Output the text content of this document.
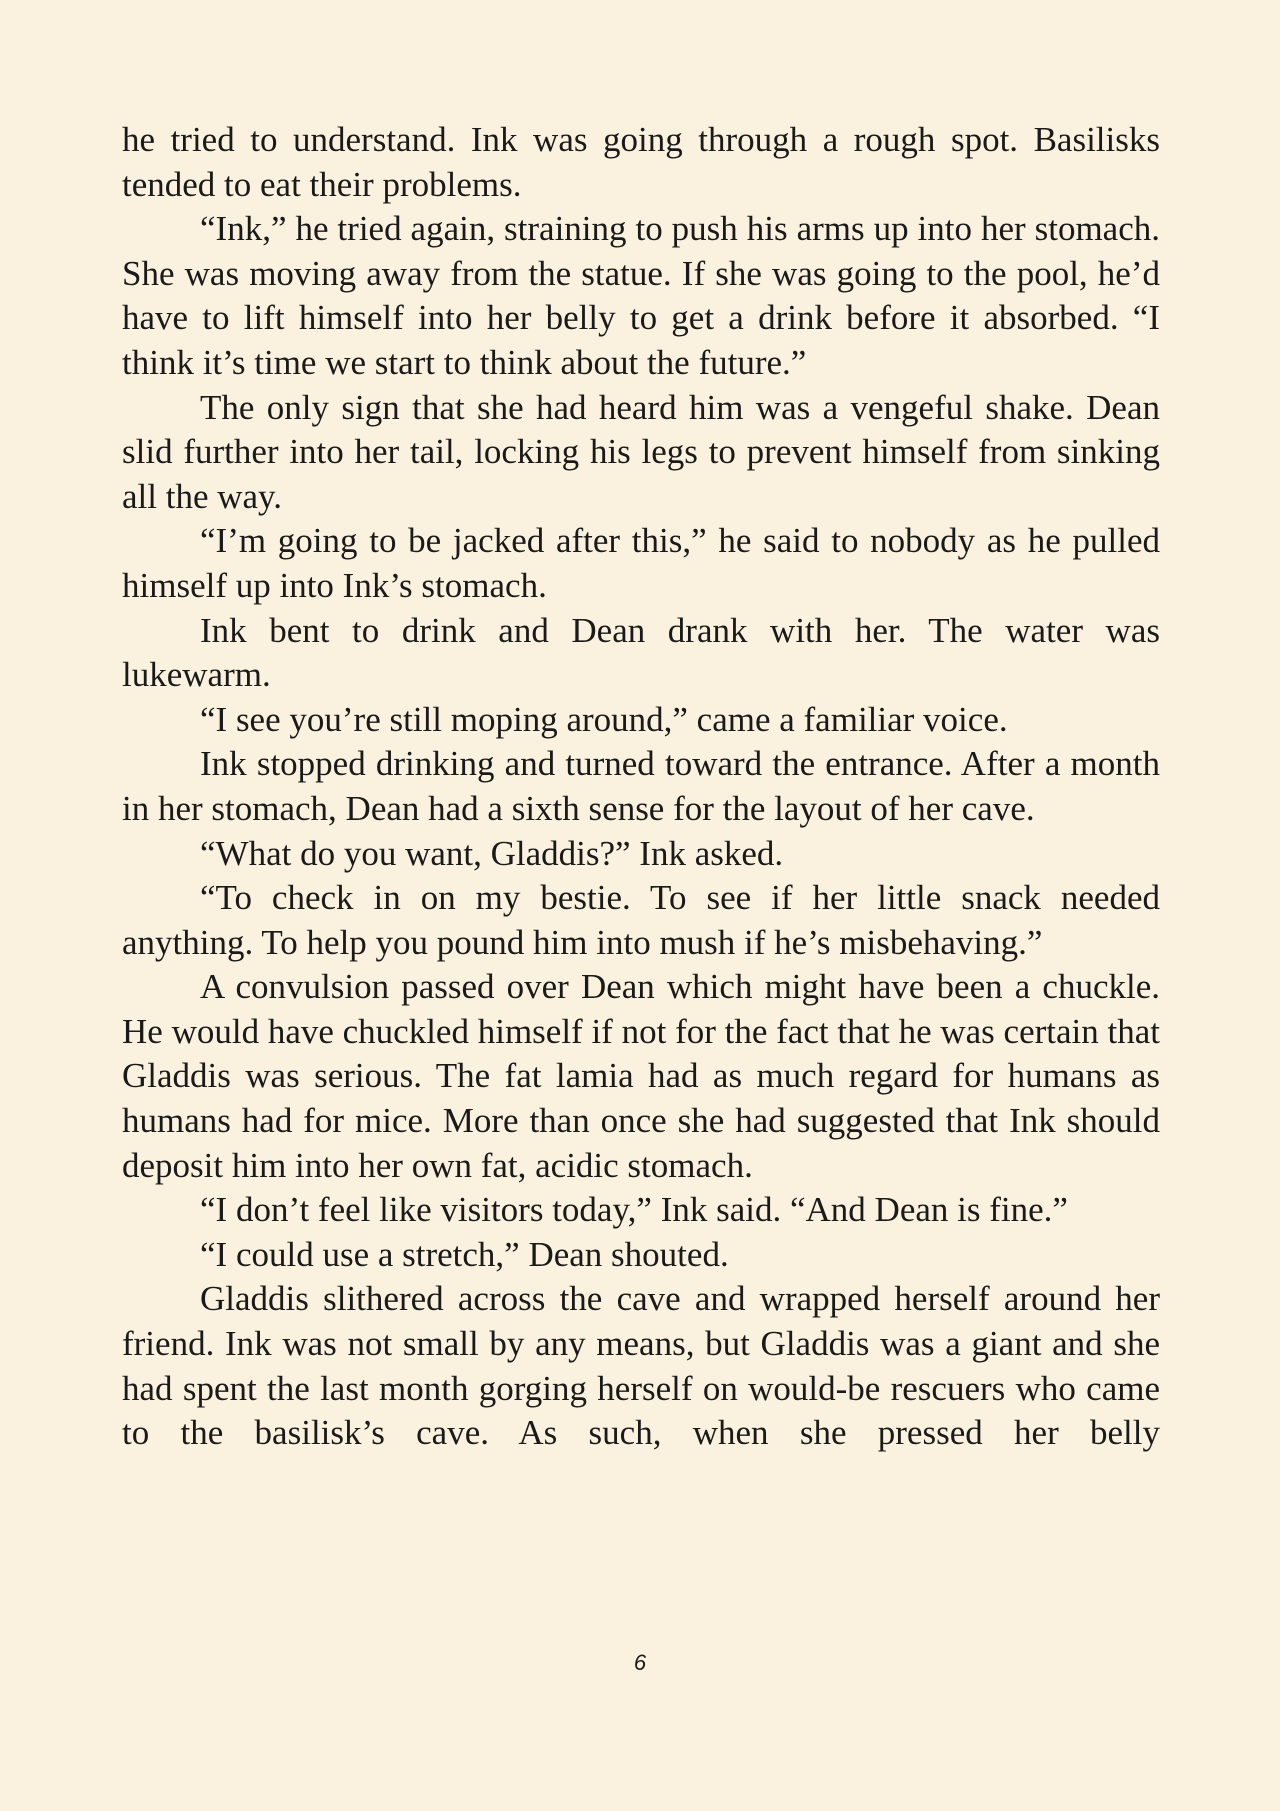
he tried to understand. Ink was going through a rough spot. Basilisks tended to eat their problems.

“Ink,” he tried again, straining to push his arms up into her stomach. She was moving away from the statue. If she was going to the pool, he’d have to lift himself into her belly to get a drink before it absorbed. “I think it’s time we start to think about the future.”

The only sign that she had heard him was a vengeful shake. Dean slid further into her tail, locking his legs to prevent himself from sinking all the way.

“I’m going to be jacked after this,” he said to nobody as he pulled himself up into Ink’s stomach.

Ink bent to drink and Dean drank with her. The water was lukewarm.

“I see you’re still moping around,” came a familiar voice.

Ink stopped drinking and turned toward the entrance. After a month in her stomach, Dean had a sixth sense for the layout of her cave.

“What do you want, Gladdis?” Ink asked.

“To check in on my bestie. To see if her little snack needed anything. To help you pound him into mush if he’s misbehaving.”

A convulsion passed over Dean which might have been a chuckle. He would have chuckled himself if not for the fact that he was certain that Gladdis was serious. The fat lamia had as much regard for humans as humans had for mice. More than once she had suggested that Ink should deposit him into her own fat, acidic stomach.

“I don’t feel like visitors today,” Ink said. “And Dean is fine.”

“I could use a stretch,” Dean shouted.

Gladdis slithered across the cave and wrapped herself around her friend. Ink was not small by any means, but Gladdis was a giant and she had spent the last month gorging herself on would-be rescuers who came to the basilisk’s cave. As such, when she pressed her belly

6
